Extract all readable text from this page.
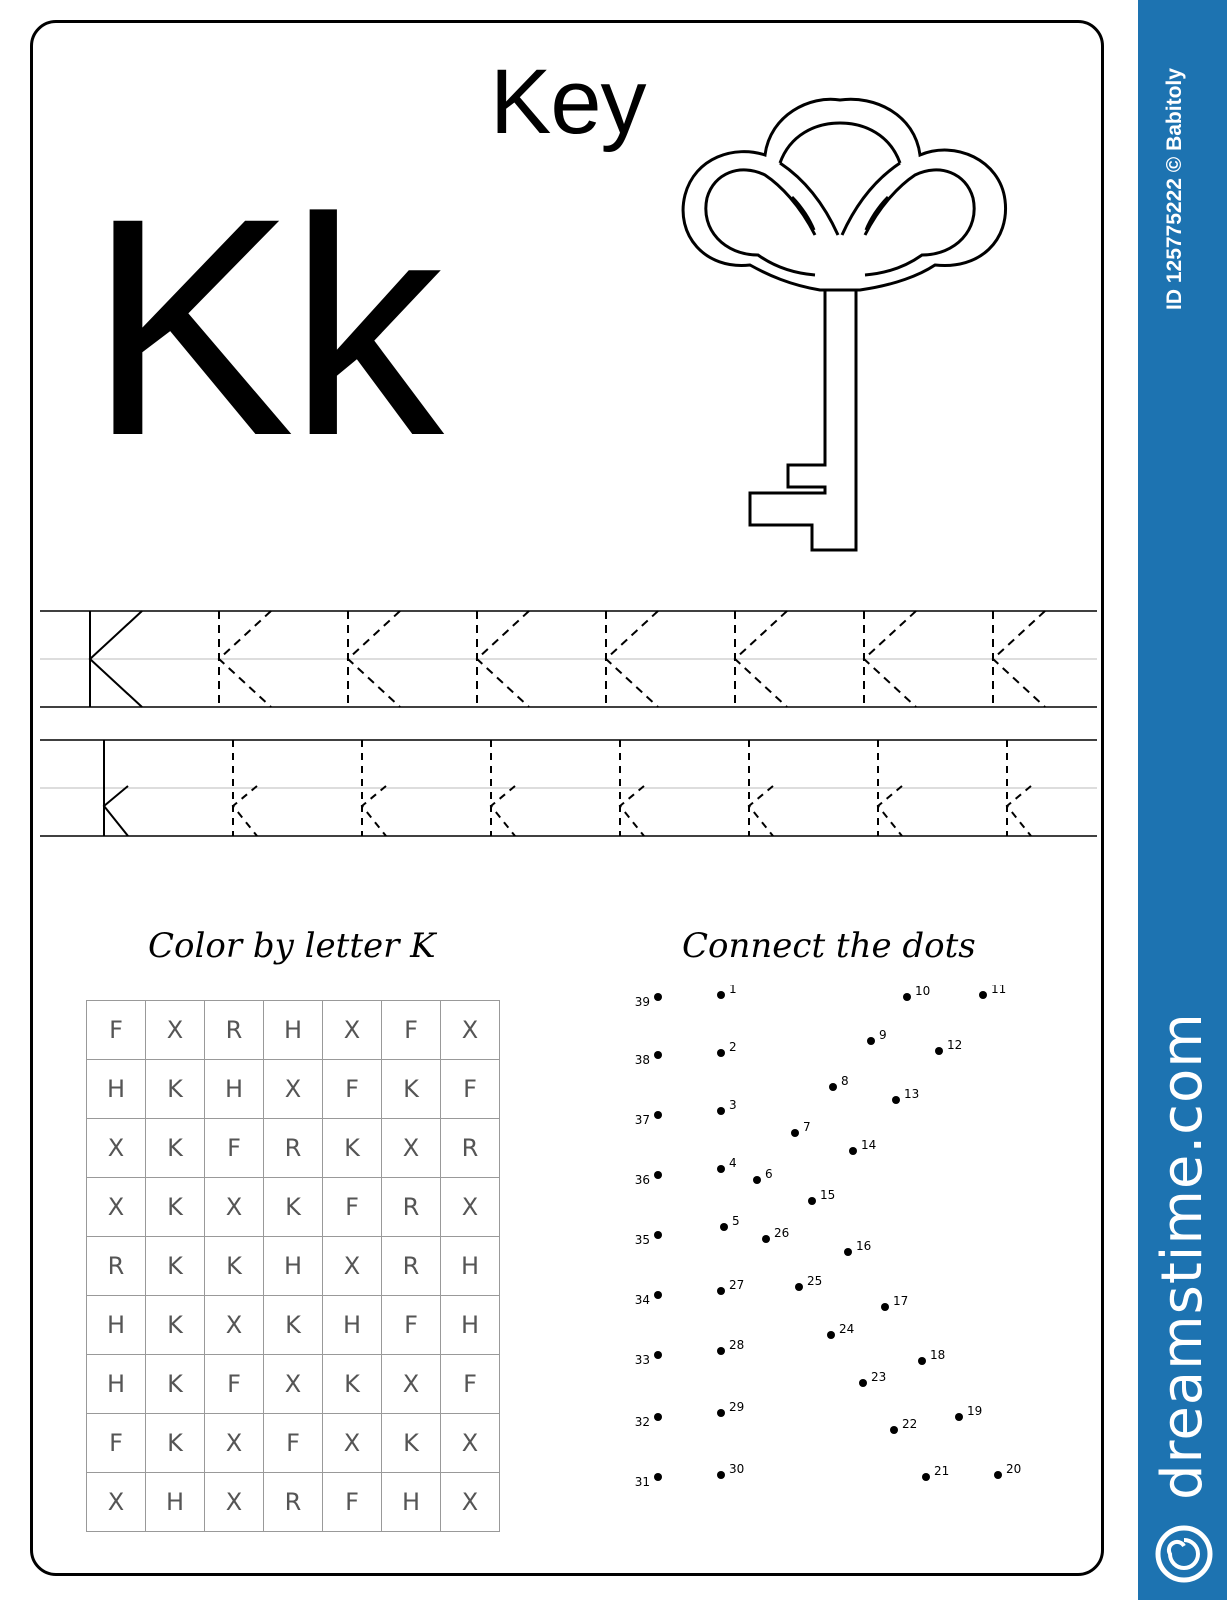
Key
Kk
Color by letter K	Connect the dots
F	X	R	H	X	F	X
H	K	H	X	F	K	F
X	K	F	R	K	X	R
X	K	X	K	F	R	X
R	K	K	H	X	R	H
H	K	X	K	H	F	H
H	K	F	X	K	X	F
F	K	X	F	X	K	X
X	H	X	R	F	H	X
1
2
3
4
5
6
7
8
9
10	11
12
13
14
15
16
17
18
19
20
21
22
23
24
25
26
27
28
29
30
31
32
33
34
35
36
37
38
39
ID 125775222 © Babitoly
dreamstime.com
